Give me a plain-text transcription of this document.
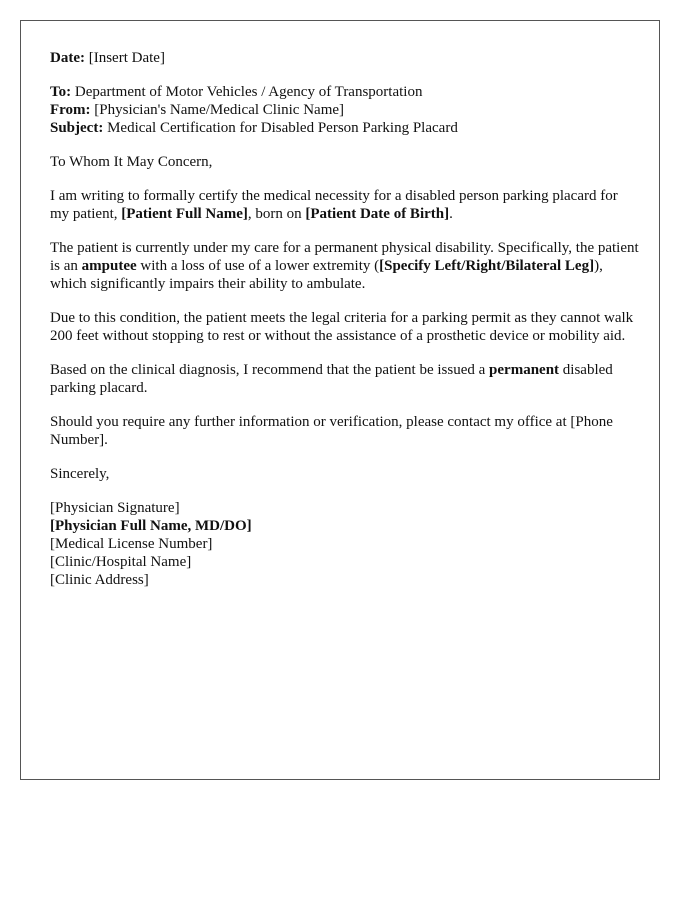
Date: [Insert Date]

To: Department of Motor Vehicles / Agency of Transportation
From: [Physician's Name/Medical Clinic Name]
Subject: Medical Certification for Disabled Person Parking Placard

To Whom It May Concern,

I am writing to formally certify the medical necessity for a disabled person parking placard for my patient, [Patient Full Name], born on [Patient Date of Birth].

The patient is currently under my care for a permanent physical disability. Specifically, the patient is an amputee with a loss of use of a lower extremity ([Specify Left/Right/Bilateral Leg]), which significantly impairs their ability to ambulate.

Due to this condition, the patient meets the legal criteria for a parking permit as they cannot walk 200 feet without stopping to rest or without the assistance of a prosthetic device or mobility aid.

Based on the clinical diagnosis, I recommend that the patient be issued a permanent disabled parking placard.

Should you require any further information or verification, please contact my office at [Phone Number].

Sincerely,

[Physician Signature]
[Physician Full Name, MD/DO]
[Medical License Number]
[Clinic/Hospital Name]
[Clinic Address]
